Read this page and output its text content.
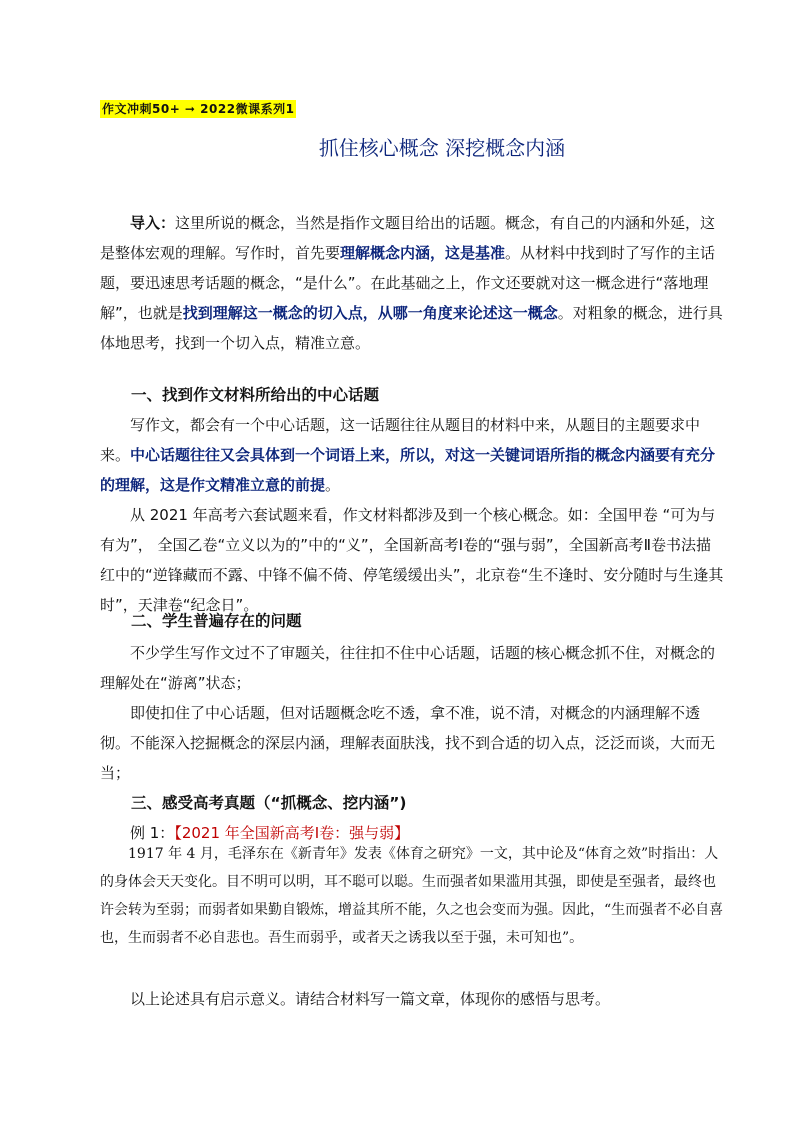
作文冲刺50+ ➞ 2022微课系列1
抓住核心概念 深挖概念内涵

导入：这里所说的概念，当然是指作文题目给出的话题。概念，有自己的内涵和外延，这是整体宏观的理解。写作时，首先要理解概念内涵，这是基准。从材料中找到时了写作的主话题，要迅速思考话题的概念，“是什么”。在此基础之上，作文还要就对这一概念进行“落地理解”，也就是找到理解这一概念的切入点，从哪一角度来论述这一概念。对粗象的概念，进行具体地思考，找到一个切入点，精准立意。

一、找到作文材料所给出的中心话题

写作文，都会有一个中心话题，这一话题往往从题目的材料中来，从题目的主题要求中来。中心话题往往又会具体到一个词语上来，所以，对这一关键词语所指的概念内涵要有充分的理解，这是作文精准立意的前提。

从 2021 年高考六套试题来看，作文材料都涉及到一个核心概念。如：全国甲卷 “可为与有为”， 全国乙卷“立义以为的”中的“义”，全国新高考Ⅰ卷的“强与弱”，全国新高考Ⅱ卷书法描红中的“逆锋藏而不露、中锋不偏不倚、停笔缓缓出头”，北京卷“生不逢时、安分随时与生逢其时”，天津卷“纪念日”。

二、学生普遍存在的问题

不少学生写作文过不了审题关，往往扣不住中心话题，话题的核心概念抓不住，对概念的理解处在“游离”状态；

即使扣住了中心话题，但对话题概念吃不透，拿不准，说不清，对概念的内涵理解不透彻。 不能深入挖掘概念的深层内涵，理解表面肤浅，找不到合适的切入点，泛泛而谈，大而无当；

三、感受高考真题（“抓概念、挖内涵”)

例 1：【2021 年全国新高考Ⅰ卷：强与弱】

1917 年 4 月，毛泽东在《新青年》发表《体育之研究》一文，其中论及“体育之效”时指出：人的身体会天天变化。目不明可以明，耳不聪可以聪。生而强者如果滥用其强，即使是至强者，最终也许会转为至弱；而弱者如果勤自锻炼，增益其所不能，久之也会变而为强。因此，“生而强者不必自喜也，生而弱者不必自悲也。吾生而弱乎，或者天之诱我以至于强，未可知也”。

以上论述具有启示意义。请结合材料写一篇文章，体现你的感悟与思考。
